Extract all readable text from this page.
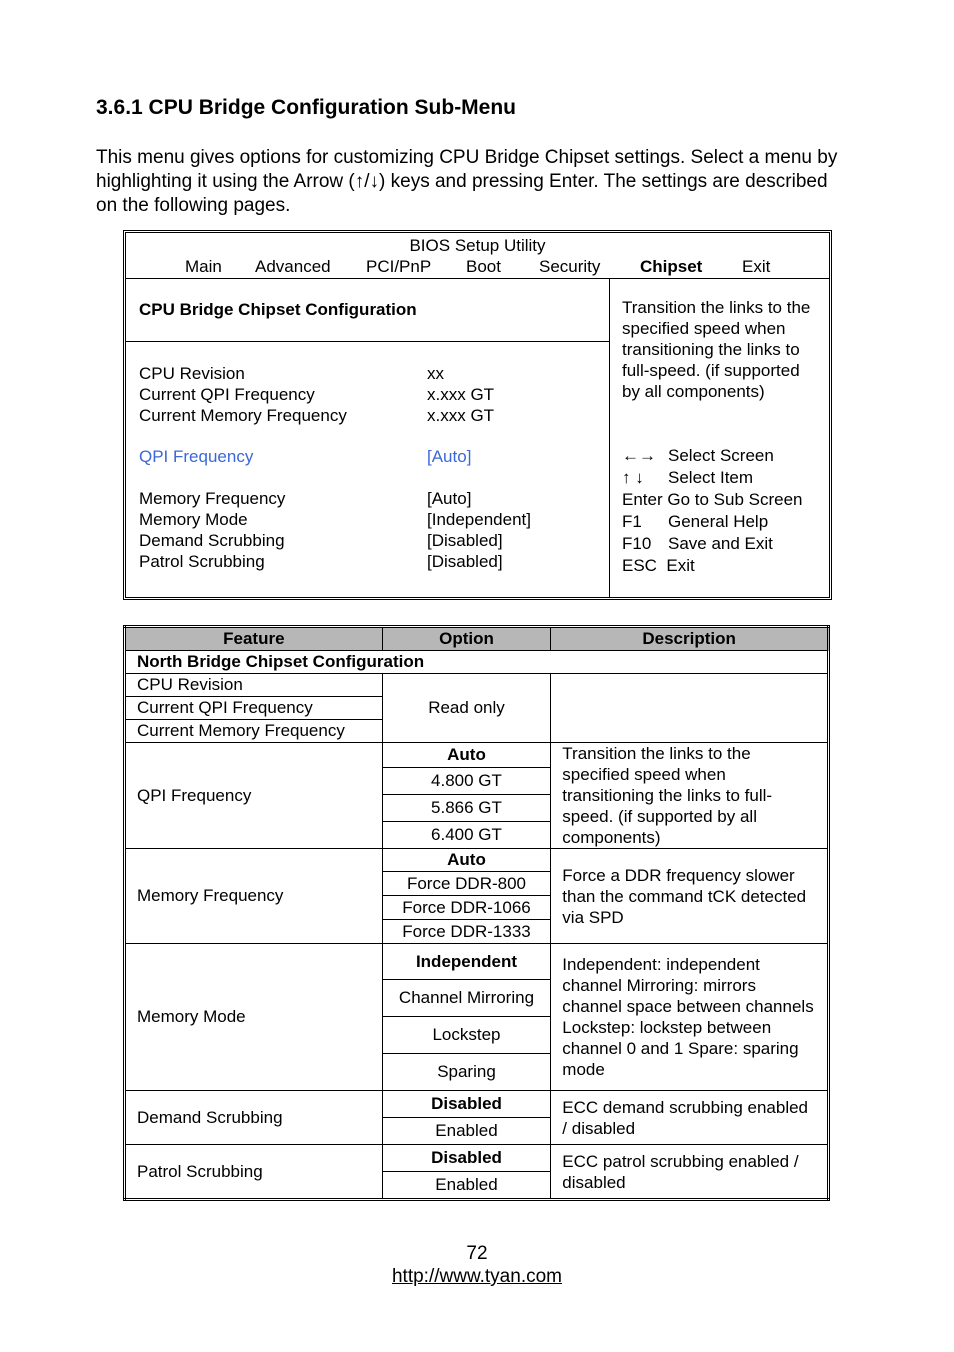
3.6.1 CPU Bridge Configuration Sub-Menu

This menu gives options for customizing CPU Bridge Chipset settings. Select a menu by highlighting it using the Arrow (↑/↓) keys and pressing Enter. The settings are described on the following pages.

BIOS Setup Utility
Main Advanced PCI/PnP Boot Security Chipset Exit
CPU Bridge Chipset Configuration
CPU Revision	xx
Current QPI Frequency	x.xxx GT
Current Memory Frequency	x.xxx GT
QPI Frequency	[Auto]
Memory Frequency	[Auto]
Memory Mode	[Independent]
Demand Scrubbing	[Disabled]
Patrol Scrubbing	[Disabled]
Transition the links to the specified speed when transitioning the links to full-speed. (if supported by all components)
←→ Select Screen
↑ ↓ Select Item
Enter Go to Sub Screen
F1 General Help
F10 Save and Exit
ESC Exit
Feature	Option	Description
North Bridge Chipset Configuration		
CPU Revision	Read only	
Current QPI Frequency		
Current Memory Frequency		
QPI Frequency	Auto	Transition the links to the specified speed when transitioning the links to full-speed. (if supported by all components)
	4.800 GT	
	5.866 GT	
	6.400 GT	
Memory Frequency	Auto	Force a DDR frequency slower than the command tCK detected via SPD
	Force DDR-800	
	Force DDR-1066	
	Force DDR-1333	
Memory Mode	Independent	Independent: independent channel Mirroring: mirrors channel space between channels Lockstep: lockstep between channel 0 and 1 Spare: sparing mode
	Channel Mirroring	
	Lockstep	
	Sparing	
Demand Scrubbing	Disabled	ECC demand scrubbing enabled / disabled
	Enabled	
Patrol Scrubbing	Disabled	ECC patrol scrubbing enabled / disabled
	Enabled	
72
http://www.tyan.com
